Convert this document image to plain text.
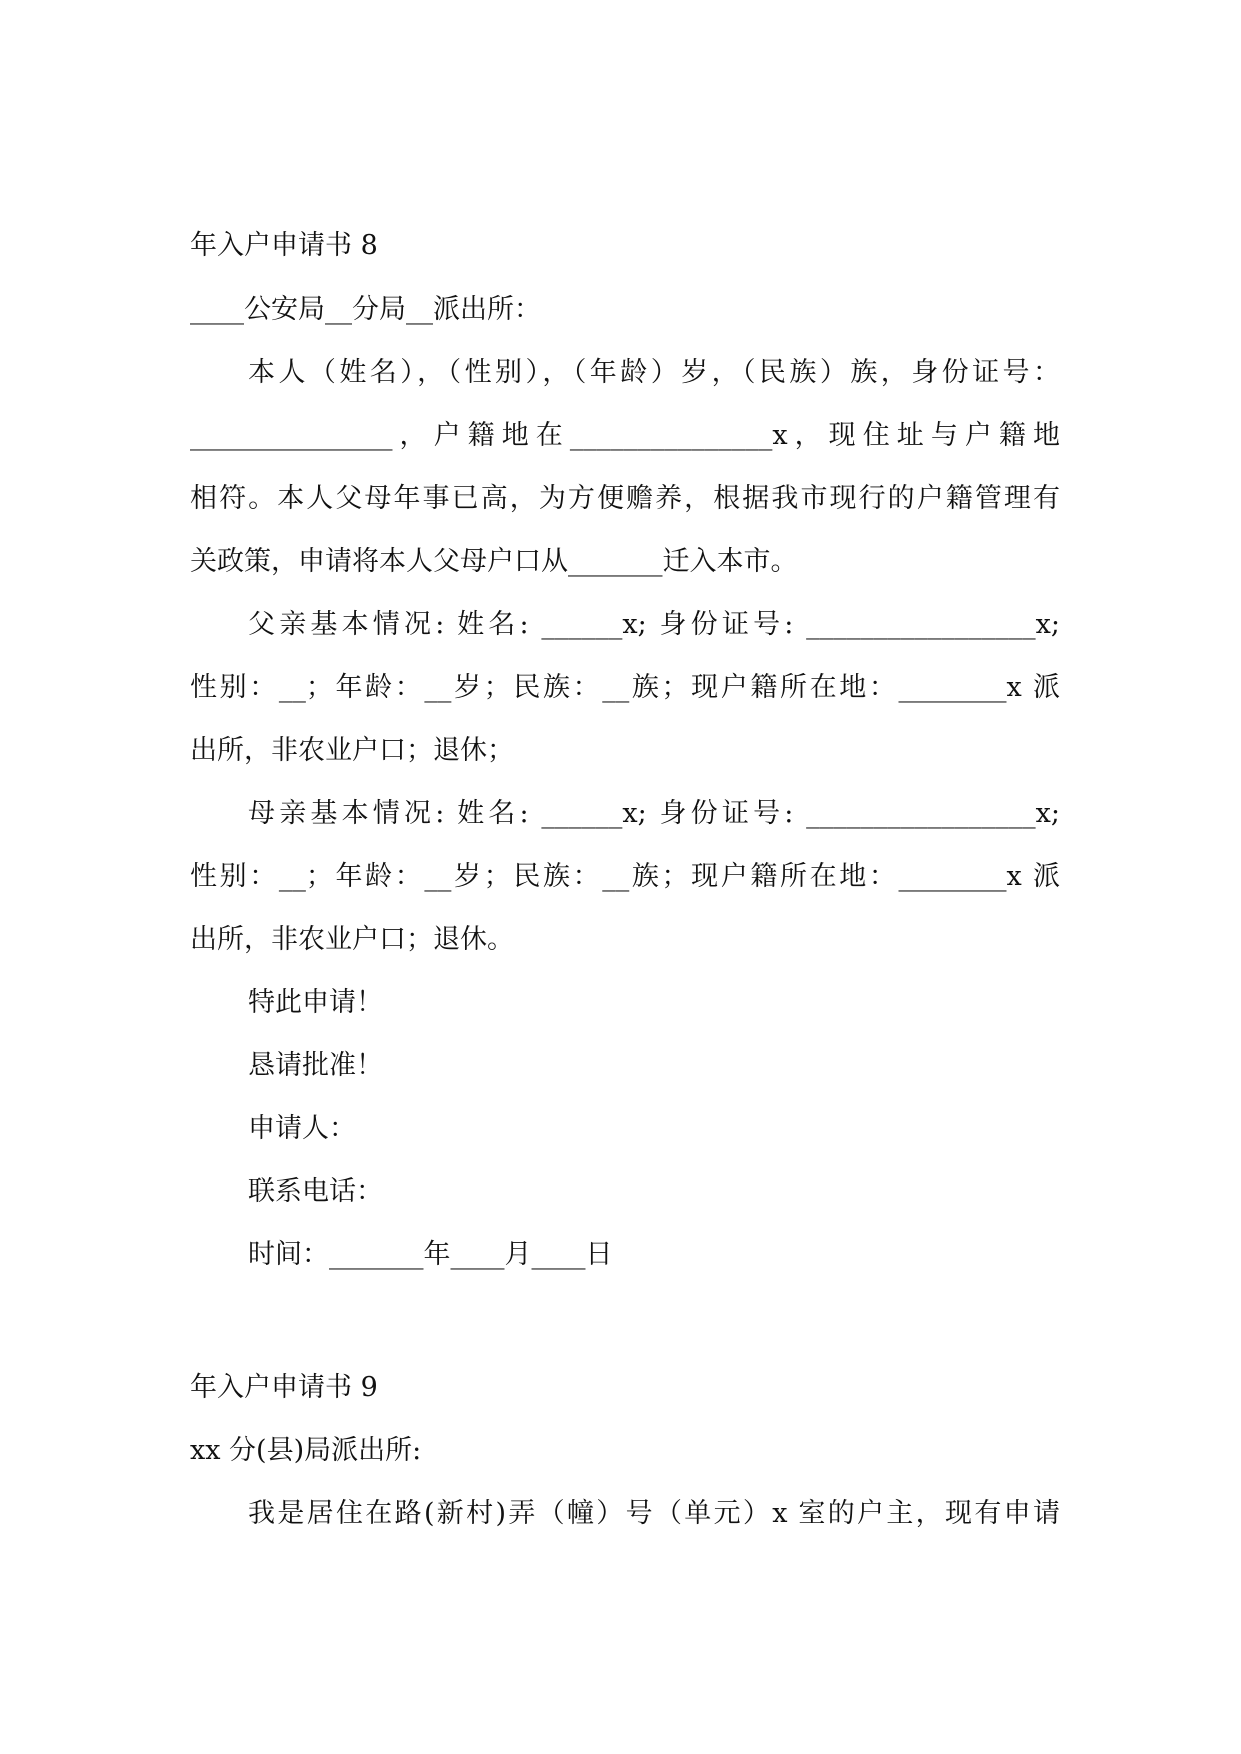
年入户申请书 8
____公安局__分局__派出所：
本人（姓名），（性别），（年龄）岁，（民族）族，身份证号：
_______________，户籍地在_______________x，现住址与户籍地
相符。本人父母年事已高，为方便赡养，根据我市现行的户籍管理有
关政策，申请将本人父母户口从_______迁入本市。
父亲基本情况: 姓名: ______x; 身份证号: _________________x;
性别：__；年龄：__岁；民族：__族；现户籍所在地：________x 派
出所，非农业户口；退休；
母亲基本情况: 姓名: ______x; 身份证号: _________________x;
性别：__；年龄：__岁；民族：__族；现户籍所在地：________x 派
出所，非农业户口；退休。
特此申请！
恳请批准！
申请人：
联系电话：
时间：_______年____月____日
年入户申请书 9
xx 分(县)局派出所:
我是居住在路(新村)弄（幢）号（单元）x 室的户主，现有申请
